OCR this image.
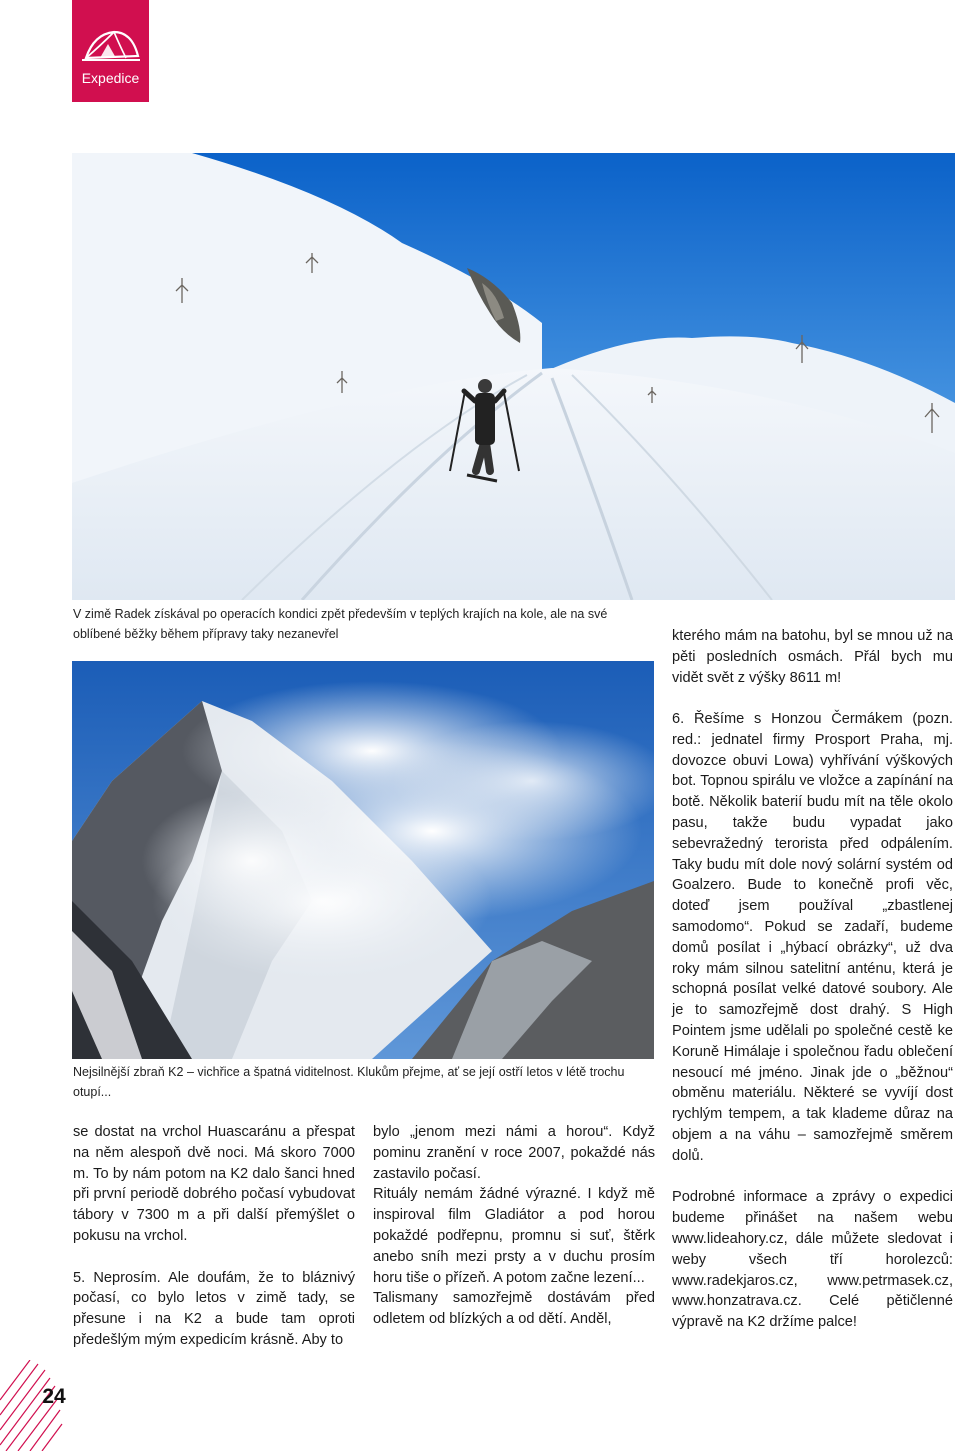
Expedice
V zimě Radek získával po operacích kondici zpět především v teplých krajích na kole, ale na své
oblíbené běžky během přípravy taky nezanevřel
Nejsilnější zbraň K2 – vichřice a špatná viditelnost. Klukům přejme, ať se její ostří letos v létě trochu
otupí...

se dostat na vrchol Huascaránu a přespat na něm alespoň dvě noci. Má skoro 7000 m. To by nám potom na K2 dalo šanci hned při první periodě dobrého počasí vybudovat tábory v 7300 m a při další přemýšlet o pokusu na vrchol.

5. Neprosím. Ale doufám, že to bláznivý počasí, co bylo letos v zimě tady, se přesune i na K2 a bude tam oproti předešlým mým expedicím krásně. Aby to

bylo „jenom mezi námi a horou“. Když pominu zranění v roce 2007, pokaždé nás zastavilo počasí.

Rituály nemám žádné výrazné. I když mě inspiroval film Gladiátor a pod horou pokaždé podřepnu, promnu si suť, štěrk anebo sníh mezi prsty a v duchu prosím horu tiše o přízeň. A potom začne lezení...

Talismany samozřejmě dostávám před odletem od blízkých a od dětí. Anděl,

kterého mám na batohu, byl se mnou už na pěti posledních osmách. Přál bych mu vidět svět z výšky 8611 m!

6. Řešíme s Honzou Čermákem (pozn. red.: jednatel firmy Prosport Praha, mj. dovozce obuvi Lowa) vyhřívání výškových bot. Topnou spirálu ve vložce a zapínání na botě. Několik baterií budu mít na těle okolo pasu, takže budu vypadat jako sebevražedný terorista před odpálením. Taky budu mít dole nový solární systém od Goalzero. Bude to konečně profi věc, doteď jsem používal „zbastlenej samodomo“. Pokud se zadaří, budeme domů posílat i „hýbací obrázky“, už dva roky mám silnou satelitní anténu, která je schopná posílat velké datové soubory. Ale je to samozřejmě dost drahý. S High Pointem jsme udělali po společné cestě ke Koruně Himálaje i společnou řadu oblečení nesoucí mé jméno. Jinak jde o „běžnou“ obměnu materiálu. Některé se vyvíjí dost rychlým tempem, a tak klademe důraz na objem a na váhu – samozřejmě směrem dolů.

Podrobné informace a zprávy o expedici budeme přinášet na našem webu www.lideahory.cz, dále můžete sledovat i weby všech tří horolezců: www.radekjaros.cz, www.petrmasek.cz, www.honzatrava.cz. Celé pětičlenné výpravě na K2 držíme palce!

24
